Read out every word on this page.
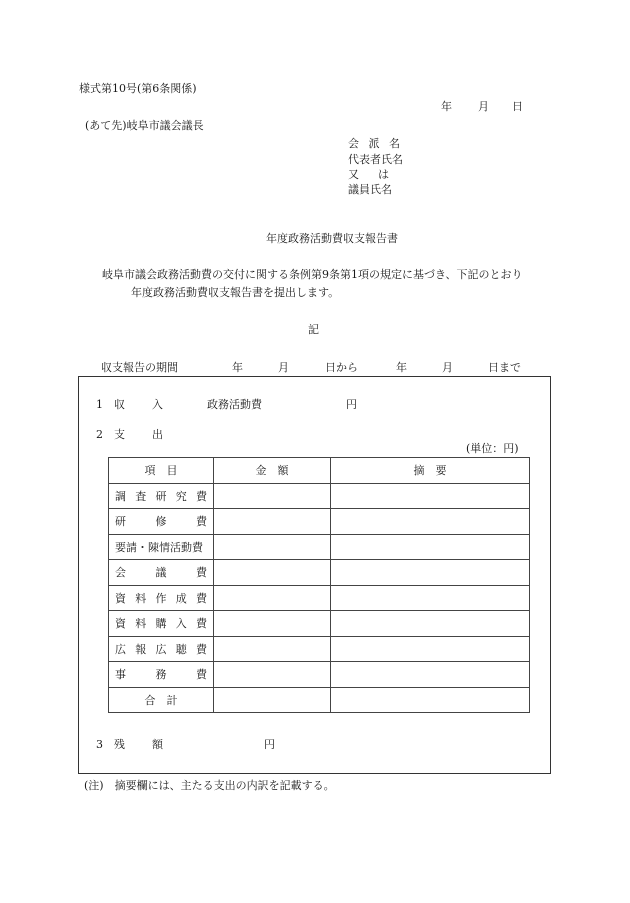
様式第10号(第6条関係)
年 月 日
(あて先)岐阜市議会議長
会 派 名
代表者氏名
又　は
議員氏名
年度政務活動費収支報告書
岐阜市議会政務活動費の交付に関する条例第9条第1項の規定に基づき、下記のとおり
年度政務活動費収支報告書を提出します。
記
収支報告の期間	年	月	日から	年	月	日まで
1 収　入	政務活動費	円
2 支　出
(単位：円)
項　目	金　額	摘　要

調 査 研 究 費		

研 修 費		

要請・陳情活動費		

会 議 費		

資 料 作 成 費		

資 料 購 入 費		

広 報 広 聴 費		

事 務 費		

合　計		
3 残　額	円
(注)　摘要欄には、主たる支出の内訳を記載する。
